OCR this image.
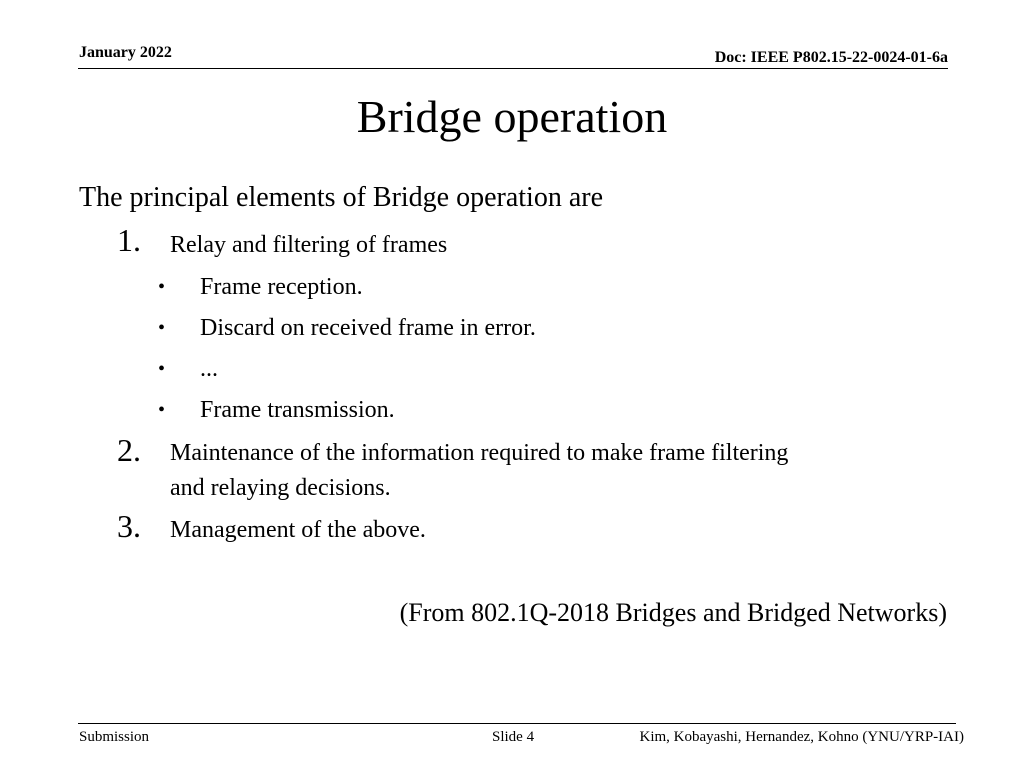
January 2022	Doc: IEEE P802.15-22-0024-01-6a
Bridge operation
The principal elements of Bridge operation are
1. Relay and filtering of frames
• Frame reception.
• Discard on received frame in error.
• ...
• Frame transmission.
2. Maintenance of the information required to make frame filtering
and relaying decisions.
3. Management of the above.
(From 802.1Q-2018 Bridges and Bridged Networks)
Submission	Slide 4	Kim, Kobayashi, Hernandez, Kohno (YNU/YRP-IAI)
